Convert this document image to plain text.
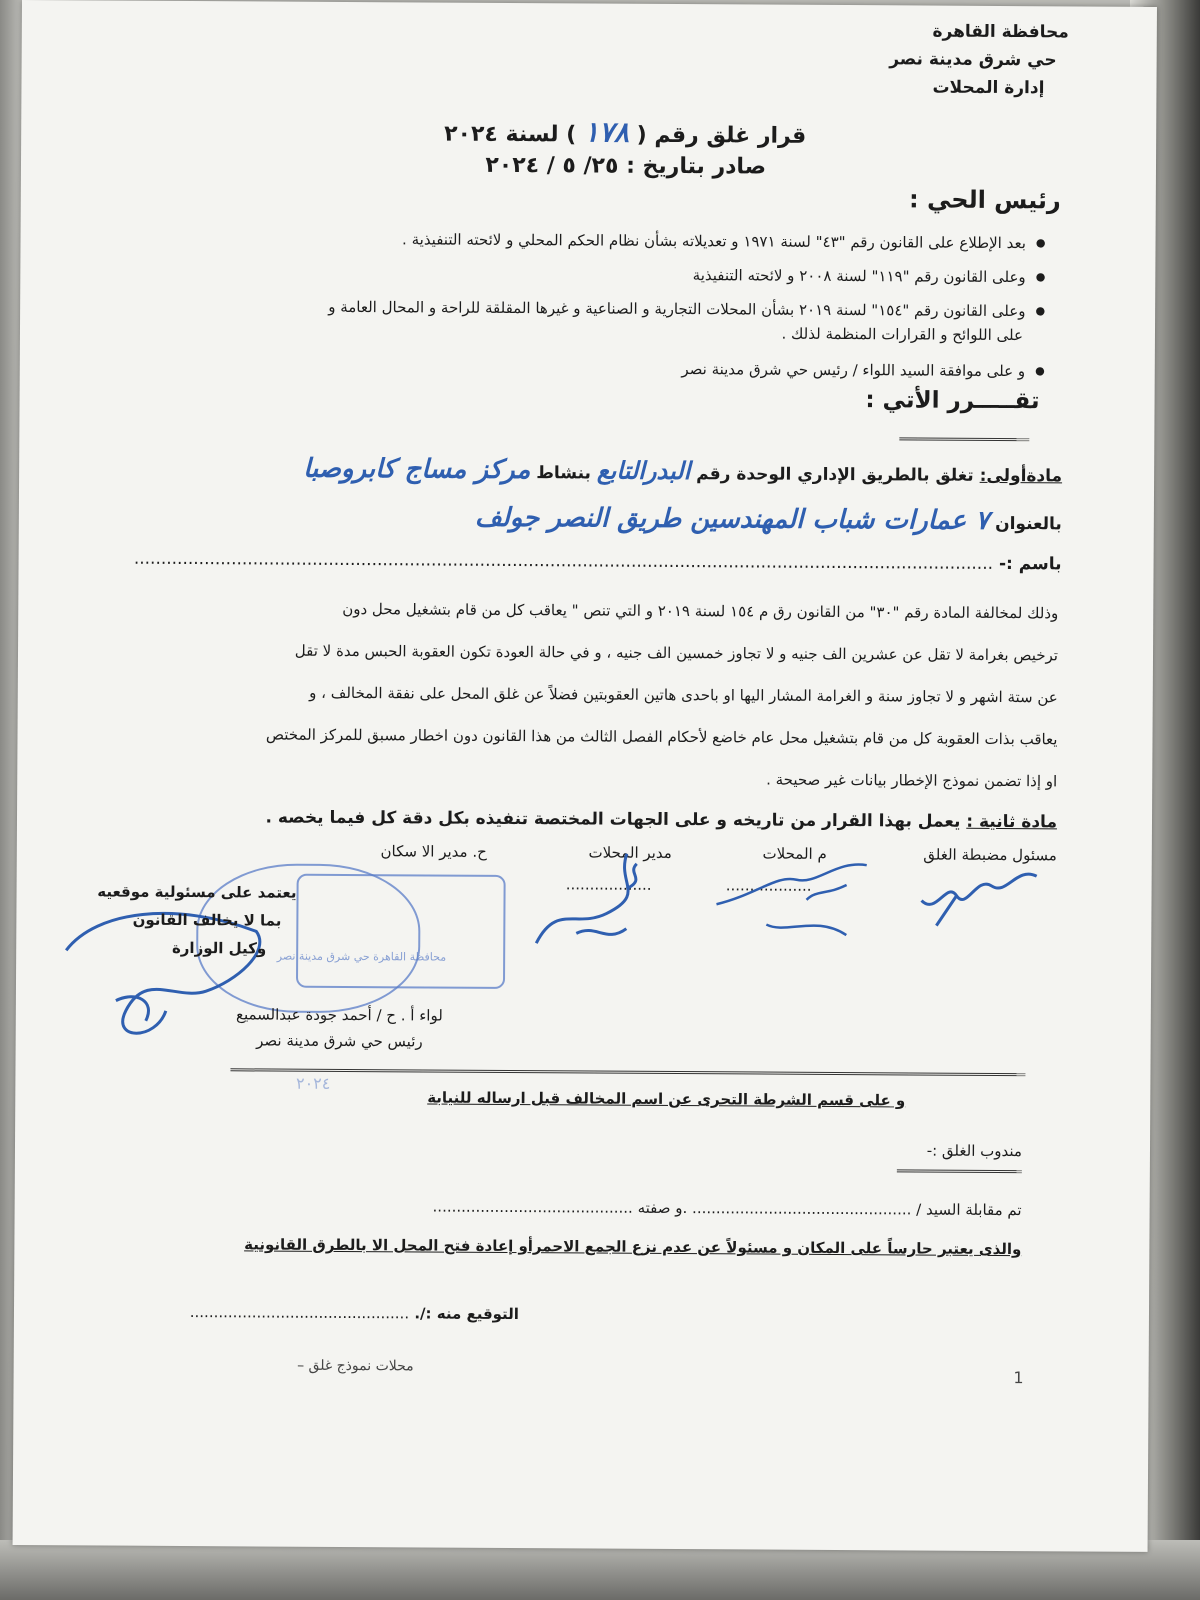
محافظة القاهرة
حي شرق مدينة نصر
إدارة المحلات
قرار غلق رقم ( ١٧٨ ) لسنة ٢٠٢٤
صادر بتاريخ : ٢٥/ ٥ / ٢٠٢٤
رئيس الحي :
● بعد الإطلاع على القانون رقم "٤٣" لسنة ١٩٧١ و تعديلاته بشأن نظام الحكم المحلي و لائحته التنفيذية .
● وعلى القانون رقم "١١٩" لسنة ٢٠٠٨ و لائحته التنفيذية
● وعلى القانون رقم "١٥٤" لسنة ٢٠١٩ بشأن المحلات التجارية و الصناعية و غيرها المقلقة للراحة و المحال العامة و
على اللوائح و القرارات المنظمة لذلك .
● و على موافقة السيد اللواء / رئيس حي شرق مدينة نصر
تقـــــرر الأتي :
مادةأولى: تغلق بالطريق الإداري الوحدة رقم البدرالتابع بنشاط مركز مساج كابروصبا
بالعنوان ٧ عمارات شباب المهندسين طريق النصر جولف
باسم :- ...............................................................................................................................................................
وذلك لمخالفة المادة رقم "٣٠" من القانون رق م ١٥٤ لسنة ٢٠١٩ و التي تنص " يعاقب كل من قام بتشغيل محل دون
ترخيص بغرامة لا تقل عن عشرين الف جنيه و لا تجاوز خمسين الف جنيه ، و في حالة العودة تكون العقوبة الحبس مدة لا تقل
عن ستة اشهر و لا تجاوز سنة و الغرامة المشار اليها او باحدى هاتين العقوبتين فضلاً عن غلق المحل على نفقة المخالف ، و
يعاقب بذات العقوبة كل من قام بتشغيل محل عام خاضع لأحكام الفصل الثالث من هذا القانون دون اخطار مسبق للمركز المختص
او إذا تضمن نموذج الإخطار بيانات غير صحيحة .
مادة ثانية : يعمل بهذا القرار من تاريخه و على الجهات المختصة تنفيذه بكل دقة كل فيما يخصه .
مسئول مضبطة الغلق
م المحلات
مدير المحلات
ح. مدير الا سكان
..................
..................
محافظة القاهرة حي شرق مدينة نصر
٢٠٢٤
يعتمد على مسئولية موقعيه
بما لا يخالف القانون
وكيل الوزارة
لواء أ . ح / أحمد جودة عبدالسميع
رئيس حي شرق مدينة نصر
و على قسم الشرطة التحرى عن اسم المخالف قبل ارساله للنيابة
مندوب الغلق :-
تم مقابلة السيد / .............................................. .و صفته ..........................................
والذى يعتبر حارساً على المكان و مسئولاً عن عدم نزع الجمع الاحمرأو إعادة فتح المحل الا بالطرق القانونية
التوقيع منه :/. ..............................................
محلات نموذج غلق –
1
